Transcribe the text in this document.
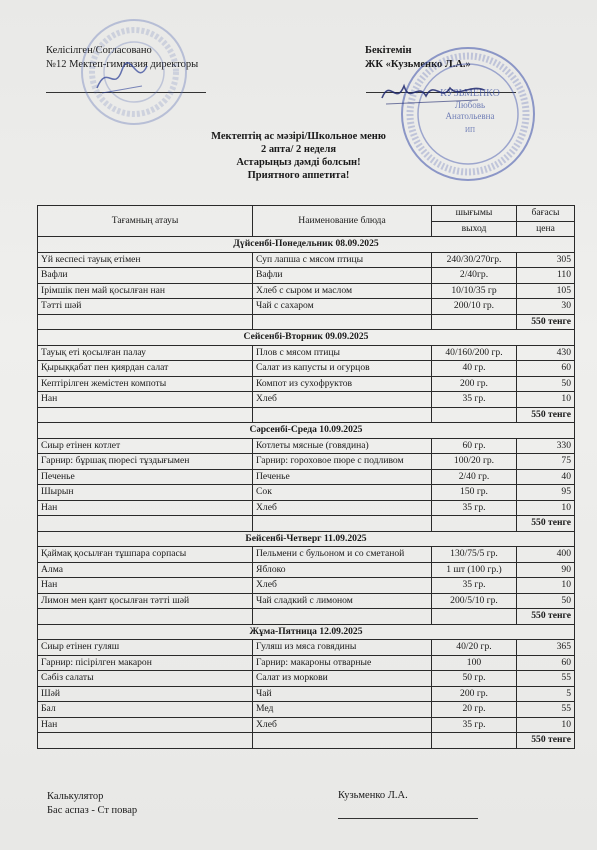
Келісілген/Согласовано
№12 Мектеп-гимназия директоры
Бекітемін
ЖК «Кузьменко Л.А.»
КУЗЬМЕНКО
Любовь
Анатольевна
ИП
Мектептің ас мәзірі/Школьное меню
2 апта/ 2 неделя
Астарыңыз дәмді болсын!
Приятного аппетита!
Тағамның атауы	Наименование блюда	шығымы	бағасы
		выход	цена
Дүйсенбі-Понедельник 08.09.2025			
Үй кеспесі тауық етімен	Суп лапша с мясом птицы	240/30/270гр.	305
Вафли	Вафли	2/40гр.	110
Ірімшік пен май қосылған нан	Хлеб с сыром и маслом	10/10/35 гр	105
Тәтті шәй	Чай с сахаром	200/10 гр.	30
			550 тенге
Сейсенбі-Вторник 09.09.2025			
Тауық еті қосылған палау	Плов с мясом птицы	40/160/200 гр.	430
Қырыққабат пен қиярдан салат	Салат из капусты и огурцов	40 гр.	60
Кептірілген жемістен компоты	Компот из сухофруктов	200 гр.	50
Нан	Хлеб	35 гр.	10
			550 тенге
Сәрсенбі-Среда 10.09.2025			
Сиыр етінен котлет	Котлеты мясные (говядина)	60 гр.	330
Гарнир: бұршақ пюресі тұздығымен	Гарнир: гороховое пюре с подливом	100/20 гр.	75
Печенье	Печенье	2/40 гр.	40
Шырын	Сок	150 гр.	95
Нан	Хлеб	35 гр.	10
			550 тенге
Бейсенбі-Четверг 11.09.2025			
Қаймақ қосылған тұшпара сорпасы	Пельмени с бульоном и со сметаной	130/75/5 гр.	400
Алма	Яблоко	1 шт (100 гр.)	90
Нан	Хлеб	35 гр.	10
Лимон мен қант қосылған тәтті шәй	Чай сладкий с лимоном	200/5/10 гр.	50
			550 тенге
Жұма-Пятница 12.09.2025			
Сиыр етінен гуляш	Гуляш из мяса говядины	40/20 гр.	365
Гарнир: пісірілген макарон	Гарнир: макароны отварные	100	60
Сәбіз салаты	Салат из моркови	50 гр.	55
Шәй	Чай	200 гр.	5
Бал	Мед	20 гр.	55
Нан	Хлеб	35 гр.	10
			550 тенге
Калькулятор
Бас аспаз - Ст повар
Кузьменко Л.А.
